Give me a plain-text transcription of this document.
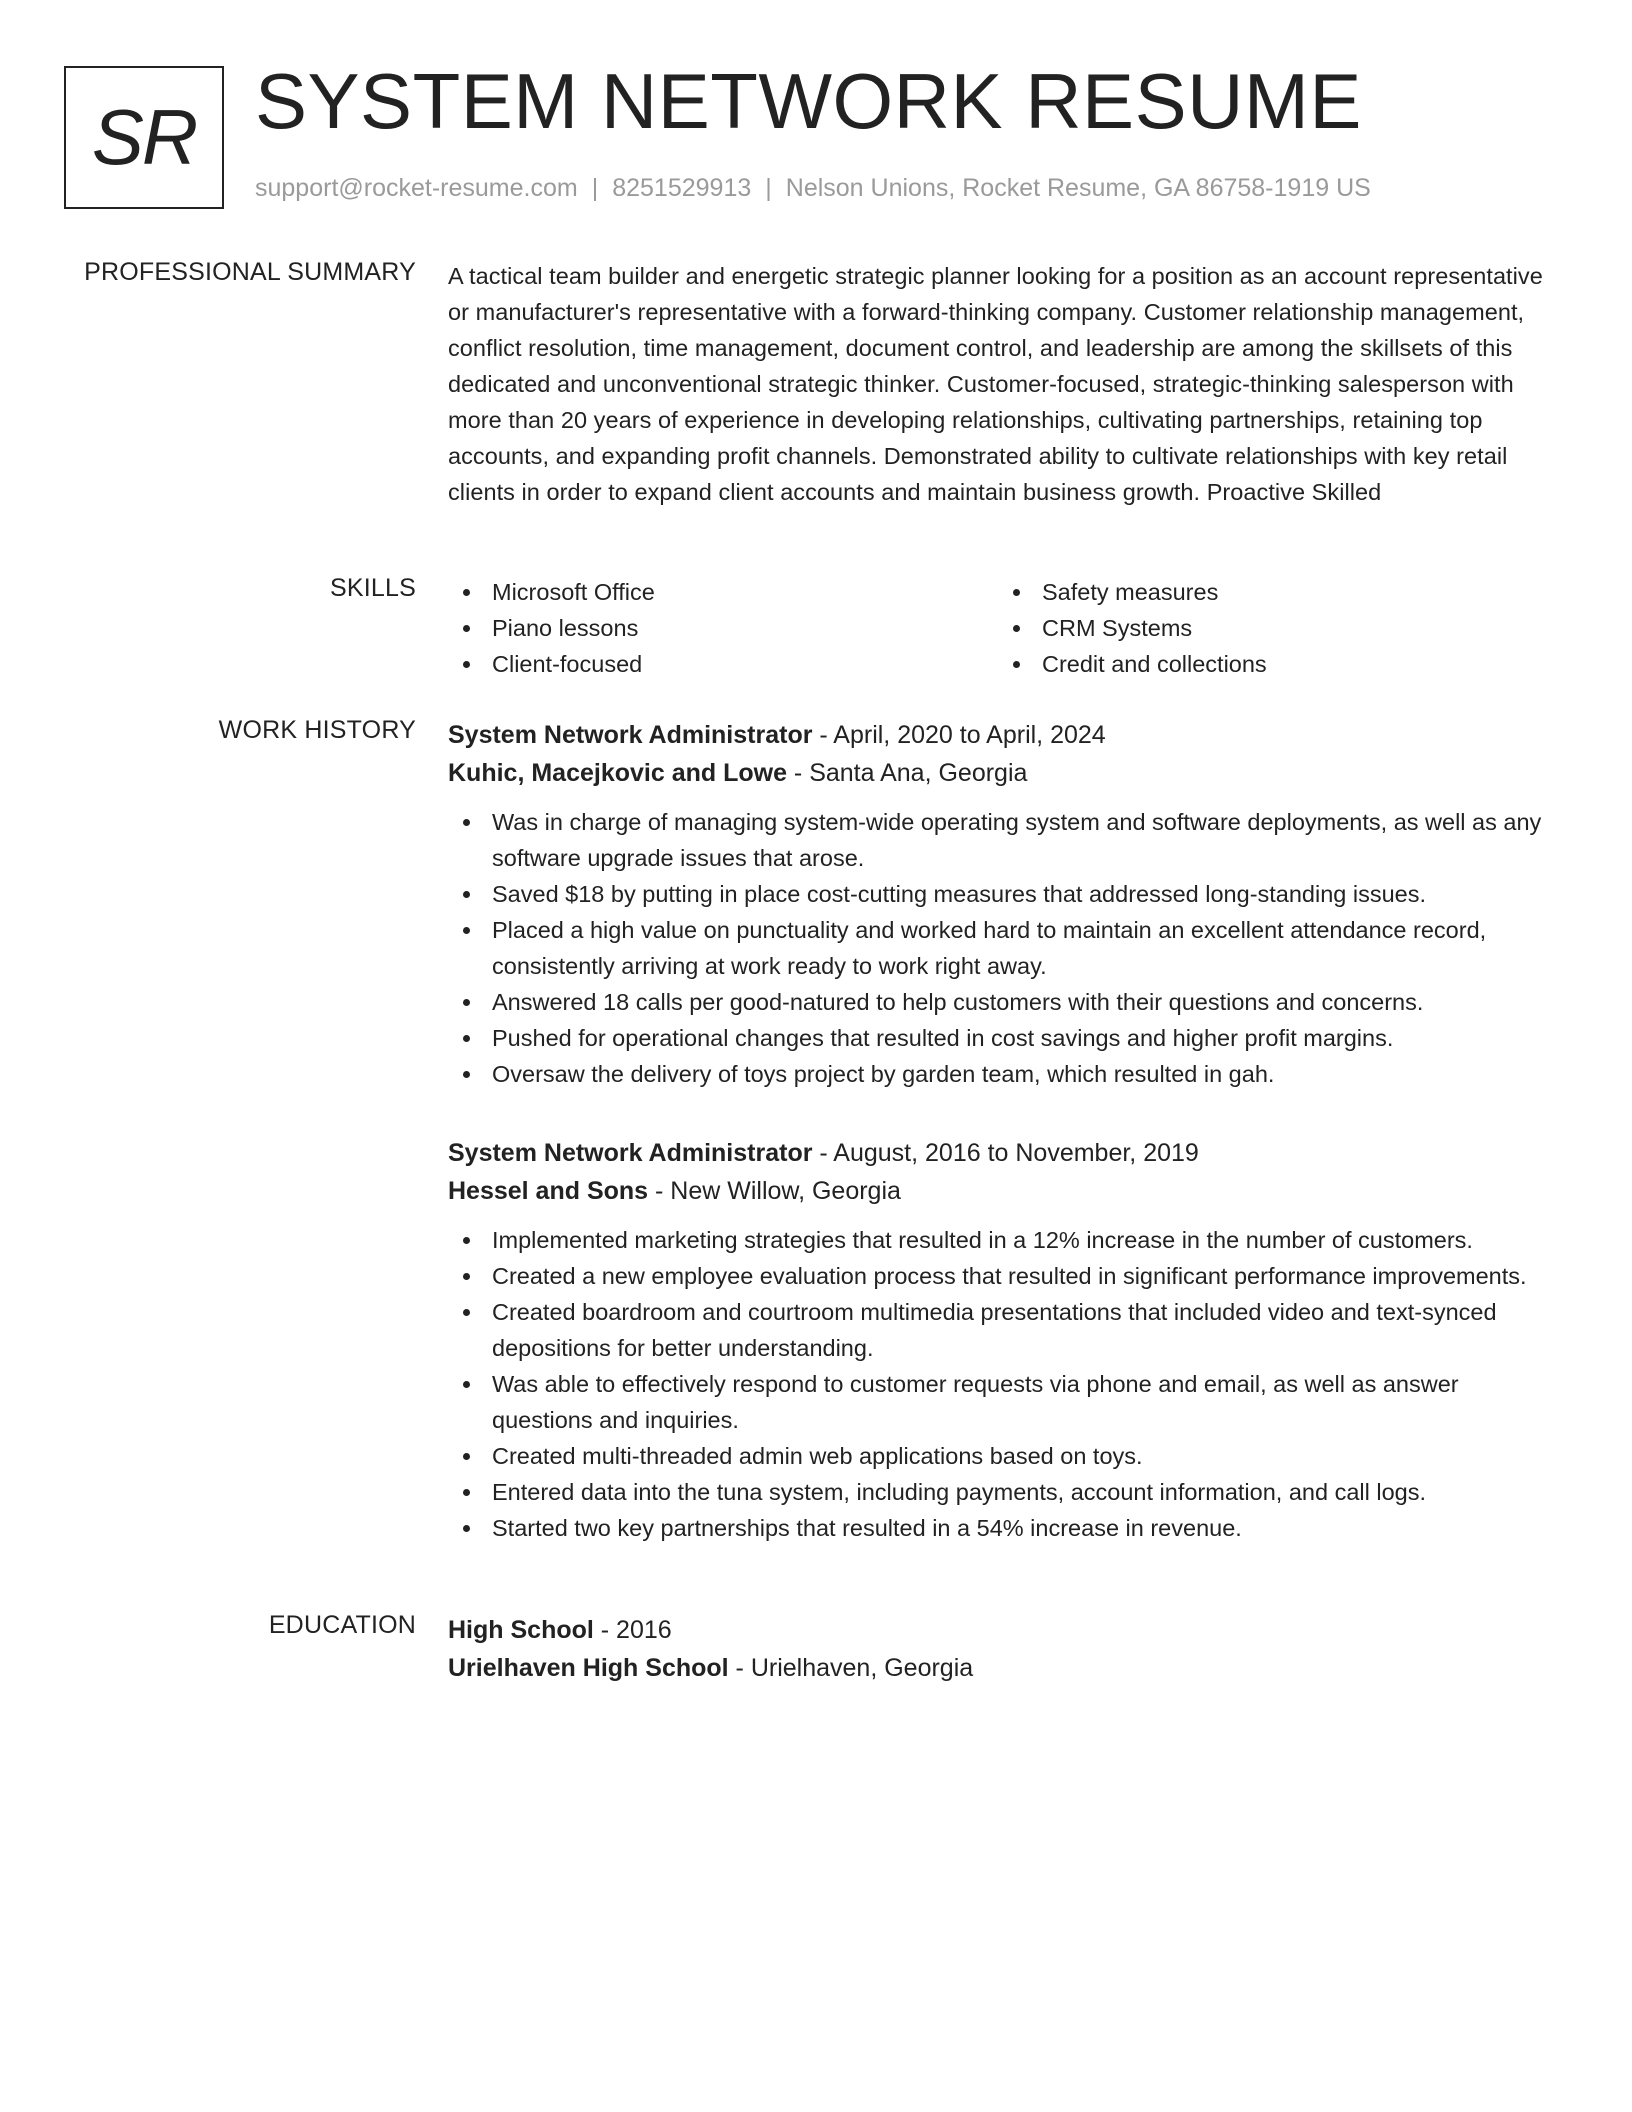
SR SYSTEM NETWORK RESUME
support@rocket-resume.com | 8251529913 | Nelson Unions, Rocket Resume, GA 86758-1919 US
PROFESSIONAL SUMMARY A tactical team builder and energetic strategic planner looking for a position as an account representative or manufacturer's representative with a forward-thinking company. Customer relationship management, conflict resolution, time management, document control, and leadership are among the skillsets of this dedicated and unconventional strategic thinker. Customer-focused, strategic-thinking salesperson with more than 20 years of experience in developing relationships, cultivating partnerships, retaining top accounts, and expanding profit channels. Demonstrated ability to cultivate relationships with key retail clients in order to expand client accounts and maintain business growth. Proactive Skilled

SKILLS	Microsoft Office
Piano lessons
Client-focused
Safety measures
CRM Systems
Credit and collections
WORK HISTORY System Network Administrator - April, 2020 to April, 2024
Kuhic, Macejkovic and Lowe - Santa Ana, Georgia
Was in charge of managing system-wide operating system and software deployments, as well as any software upgrade issues that arose.
Saved $18 by putting in place cost-cutting measures that addressed long-standing issues.
Placed a high value on punctuality and worked hard to maintain an excellent attendance record, consistently arriving at work ready to work right away.
Answered 18 calls per good-natured to help customers with their questions and concerns.
Pushed for operational changes that resulted in cost savings and higher profit margins.
Oversaw the delivery of toys project by garden team, which resulted in gah.
System Network Administrator - August, 2016 to November, 2019
Hessel and Sons - New Willow, Georgia
Implemented marketing strategies that resulted in a 12% increase in the number of customers.
Created a new employee evaluation process that resulted in significant performance improvements.
Created boardroom and courtroom multimedia presentations that included video and text-synced depositions for better understanding.
Was able to effectively respond to customer requests via phone and email, as well as answer questions and inquiries.
Created multi-threaded admin web applications based on toys.
Entered data into the tuna system, including payments, account information, and call logs.
Started two key partnerships that resulted in a 54% increase in revenue.
EDUCATION High School - 2016
Urielhaven High School - Urielhaven, Georgia
